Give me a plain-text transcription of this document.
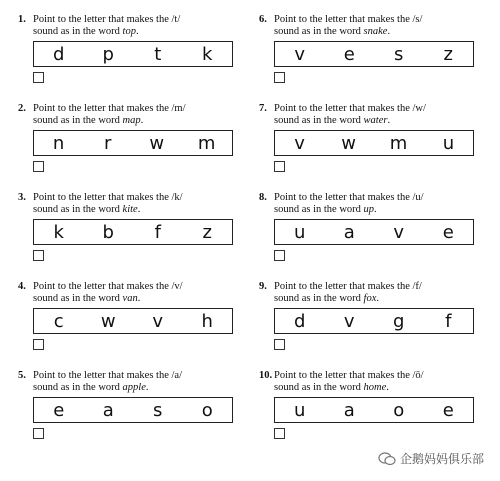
1. Point to the letter that makes the /t/
sound as in the word top.
d p t k
2. Point to the letter that makes the /m/
sound as in the word map.
n r w m
3. Point to the letter that makes the /k/
sound as in the word kite.
k b f z
4. Point to the letter that makes the /v/
sound as in the word van.
c w v h
5. Point to the letter that makes the /a/
sound as in the word apple.
e a s o
6. Point to the letter that makes the /s/
sound as in the word snake.
v e s z
7. Point to the letter that makes the /w/
sound as in the word water.
v w m u
8. Point to the letter that makes the /u/
sound as in the word up.
u a v e
9. Point to the letter that makes the /f/
sound as in the word fox.
d v g f
10. Point to the letter that makes the /ō/
sound as in the word home.
u a o e
企鹅妈妈俱乐部
